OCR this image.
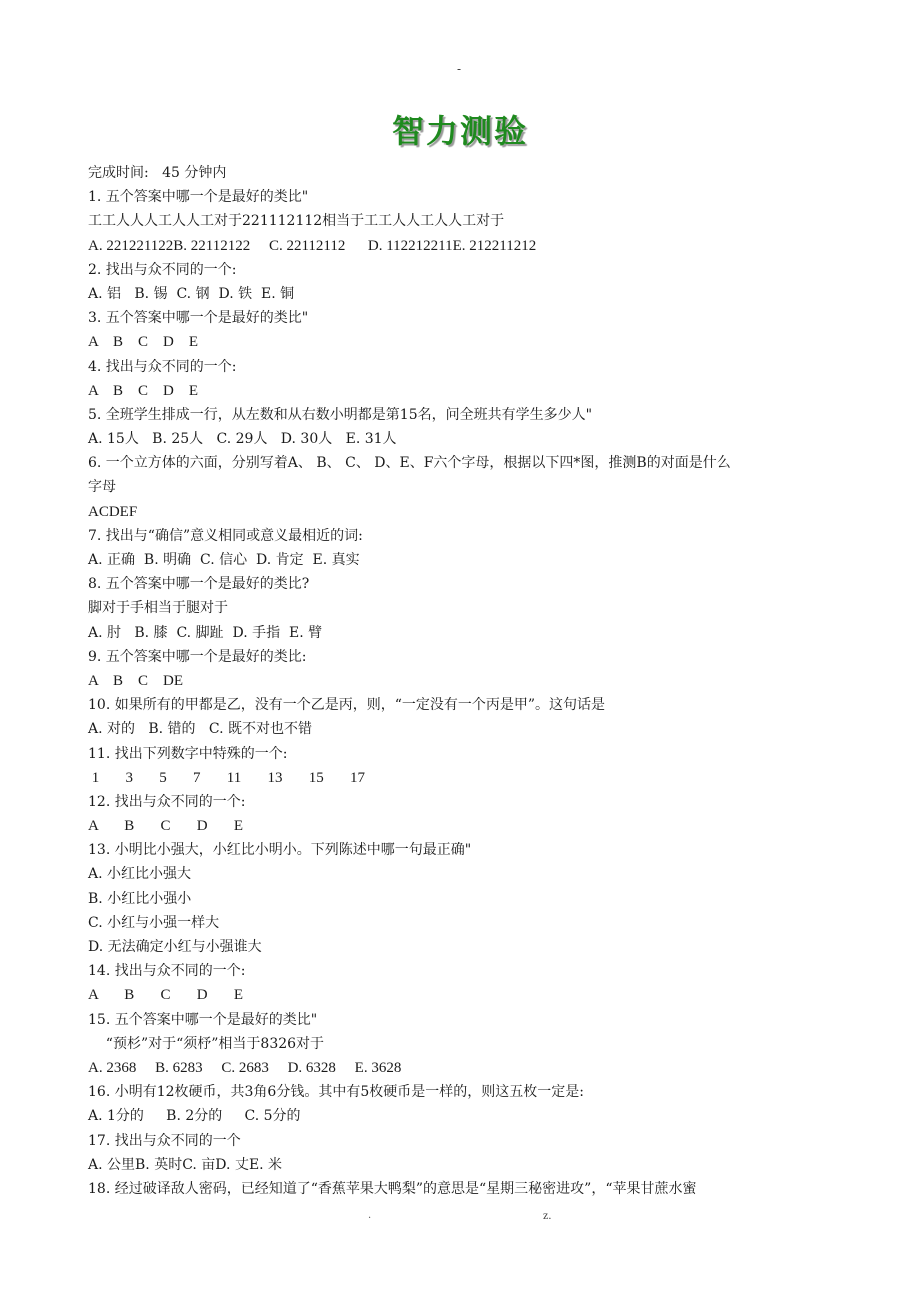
-
智力测验
完成时间:   45 分钟内
1. 五个答案中哪一个是最好的类比"
工工人人人工人人工对于221112112相当于工工人人工人人工对于
A. 221221122B. 22112122     C. 22112112      D. 112212211E. 212211212
2. 找出与众不同的一个:
A. 铝   B. 锡  C. 钢  D. 铁  E. 铜
3. 五个答案中哪一个是最好的类比"
A    B    C    D    E
4. 找出与众不同的一个:
A    B    C    D    E
5. 全班学生排成一行，从左数和从右数小明都是第15名，问全班共有学生多少人"
A. 15人   B. 25人   C. 29人   D. 30人   E. 31人
6. 一个立方体的六面，分别写着A、 B、 C、 D、E、F六个字母，根据以下四*图，推测B的对面是什么
字母
ACDEF
7. 找出与“确信”意义相同或意义最相近的词:
A. 正确  B. 明确  C. 信心  D. 肯定  E. 真实
8. 五个答案中哪一个是最好的类比?
脚对于手相当于腿对于
A. 肘   B. 膝  C. 脚趾  D. 手指  E. 臂
9. 五个答案中哪一个是最好的类比:
A    B    C    DE
10. 如果所有的甲都是乙，没有一个乙是丙，则，“一定没有一个丙是甲”。这句话是
A. 对的   B. 错的   C. 既不对也不错
11. 找出下列数字中特殊的一个:
1       3       5       7       11       13       15       17
12. 找出与众不同的一个:
A       B       C       D       E
13. 小明比小强大，小红比小明小。下列陈述中哪一句最正确"
A. 小红比小强大
B. 小红比小强小
C. 小红与小强一样大
D. 无法确定小红与小强谁大
14. 找出与众不同的一个:
A       B       C       D       E
15. 五个答案中哪一个是最好的类比"
“预杉”对于“须杼”相当于8326对于
A. 2368     B. 6283     C. 2683     D. 6328     E. 3628
16. 小明有12枚硬币，共3角6分钱。其中有5枚硬币是一样的，则这五枚一定是:
A. 1分的     B. 2分的     C. 5分的
17. 找出与众不同的一个
A. 公里B. 英时C. 亩D. 丈E. 米
18. 经过破译敌人密码，已经知道了“香蕉苹果大鸭梨”的意思是“星期三秘密进攻”，“苹果甘蔗水蜜
.	z.
